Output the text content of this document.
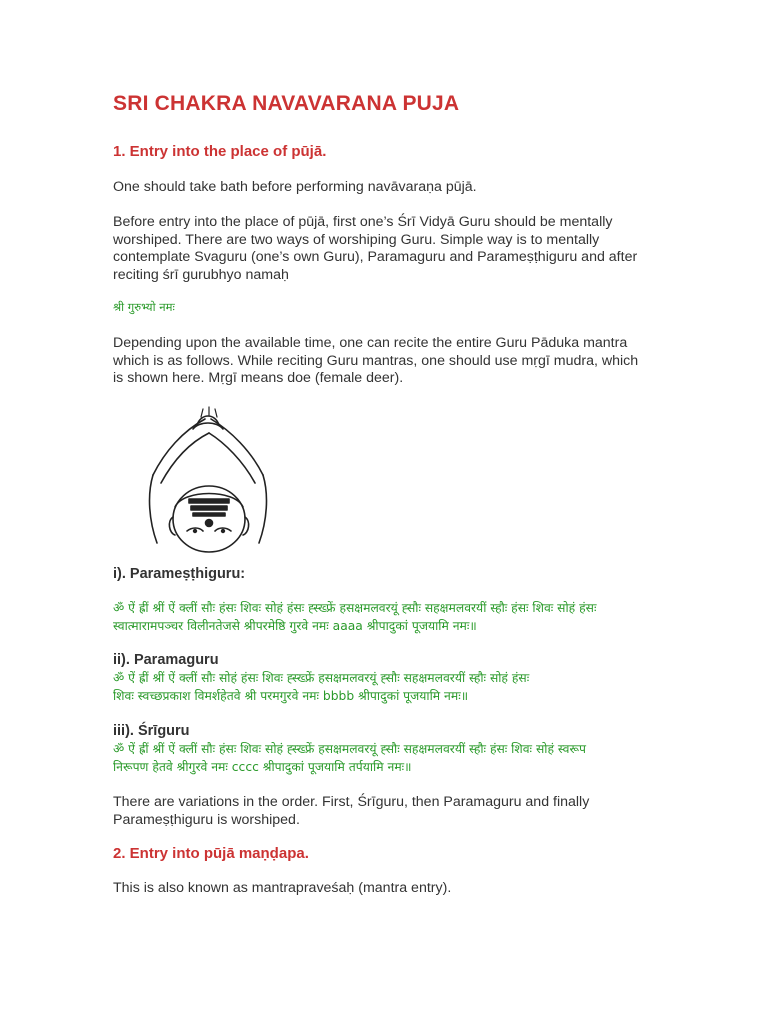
SRI CHAKRA NAVAVARANA PUJA
1. Entry into the place of pūjā.
One should take bath before performing navāvaraṇa pūjā.
Before entry into the place of pūjā, first one’s Śrī Vidyā Guru should be mentally worshiped. There are two ways of worshiping Guru. Simple way is to mentally contemplate Svaguru (one’s own Guru), Paramaguru and Parameṣṭhiguru and after reciting śrī gurubhyo namaḥ
श्री गुरुभ्यो नमः
Depending upon the available time, one can recite the entire Guru Pāduka mantra which is as follows. While reciting Guru mantras, one should use mṛgī mudra, which is shown here. Mṛgī means doe (female deer).
i). Parameṣṭhiguru:
ॐ ऐं ह्रीं श्रीं ऐं क्लीं सौः हंसः शिवः सोहं हंसः ह्स्ख्फ्रें हसक्षमलवरयूं ह्सौः सहक्षमलवरयीं स्हौः हंसः शिवः सोहं हंसः
स्वात्मारामपञ्चर विलीनतेजसे श्रीपरमेष्ठि गुरवे नमः aaaa श्रीपादुकां पूजयामि नमः॥
ii). Paramaguru
ॐ ऐं ह्रीं श्रीं ऐं क्लीं सौः सोहं हंसः शिवः ह्स्ख्फ्रें हसक्षमलवरयूं ह्सौः सहक्षमलवरयीं स्हौः सोहं हंसः
शिवः स्वच्छप्रकाश विमर्शहेतवे श्री परमगुरवे नमः bbbb श्रीपादुकां पूजयामि नमः॥
iii). Śrīguru
ॐ ऐं ह्रीं श्रीं ऐं क्लीं सौः हंसः शिवः सोहं ह्स्ख्फ्रें हसक्षमलवरयूं ह्सौः सहक्षमलवरयीं स्हौः हंसः शिवः सोहं स्वरूप
निरूपण हेतवे श्रीगुरवे नमः cccc श्रीपादुकां पूजयामि तर्पयामि नमः॥
There are variations in the order. First, Śrīguru, then Paramaguru and finally Parameṣṭhiguru is worshiped.
2. Entry into pūjā maṇḍapa.
This is also known as mantrapraveśaḥ (mantra entry).
